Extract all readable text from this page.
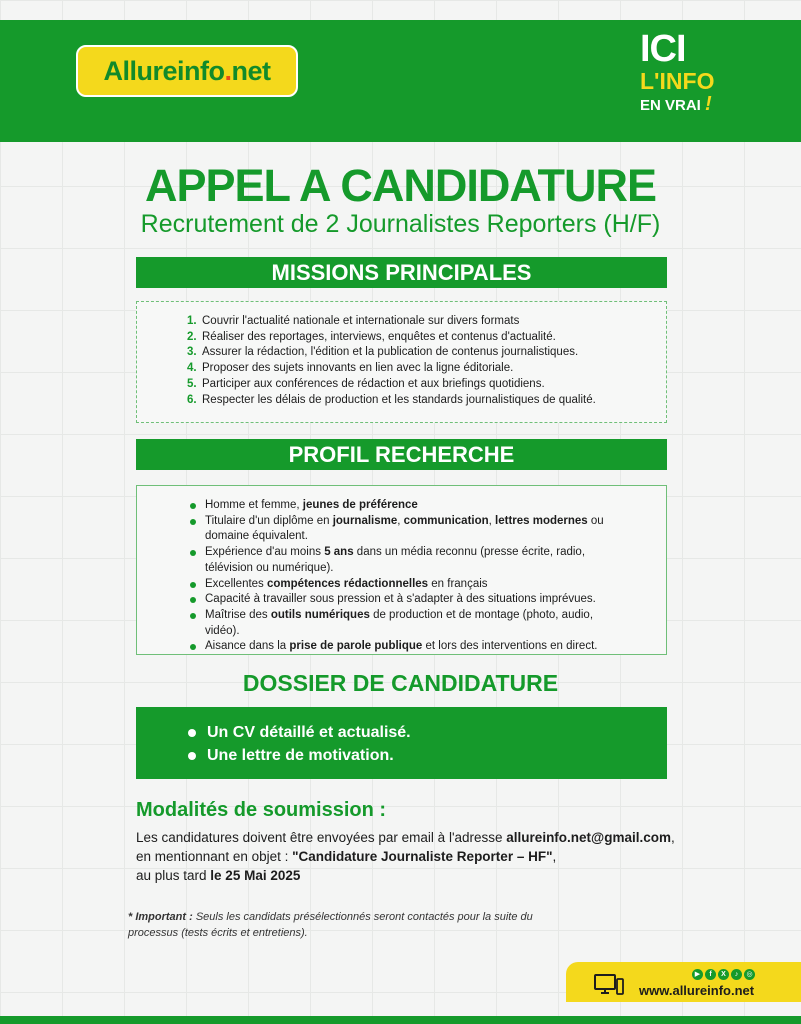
Allureinfo . net
ICI
L'INFO
EN VRAI !
APPEL A CANDIDATURE
Recrutement de 2 Journalistes Reporters (H/F)
MISSIONS PRINCIPALES
1. Couvrir l'actualité nationale et internationale sur divers formats
2. Réaliser des reportages, interviews, enquêtes et contenus d'actualité.
3. Assurer la rédaction, l'édition et la publication de contenus journalistiques.
4. Proposer des sujets innovants en lien avec la ligne éditoriale.
5. Participer aux conférences de rédaction et aux briefings quotidiens.
6. Respecter les délais de production et les standards journalistiques de qualité.
PROFIL RECHERCHE
Homme et femme, jeunes de préférence
Titulaire d'un diplôme en journalisme, communication, lettres modernes ou domaine équivalent.
Expérience d'au moins 5 ans dans un média reconnu (presse écrite, radio, télévision ou numérique).
Excellentes compétences rédactionnelles en français
Capacité à travailler sous pression et à s'adapter à des situations imprévues.
Maîtrise des outils numériques de production et de montage (photo, audio, vidéo).
Aisance dans la prise de parole publique et lors des interventions en direct.
DOSSIER DE CANDIDATURE
Un CV détaillé et actualisé.
Une lettre de motivation.
Modalités de soumission :
Les candidatures doivent être envoyées par email à l'adresse allureinfo.net@gmail.com,
en mentionnant en objet : "Candidature Journaliste Reporter – HF",
au plus tard le 25 Mai 2025
* Important : Seuls les candidats présélectionnés seront contactés pour la suite du processus (tests écrits et entretiens).
▶	f	X	♪	◎
www.allureinfo.net
